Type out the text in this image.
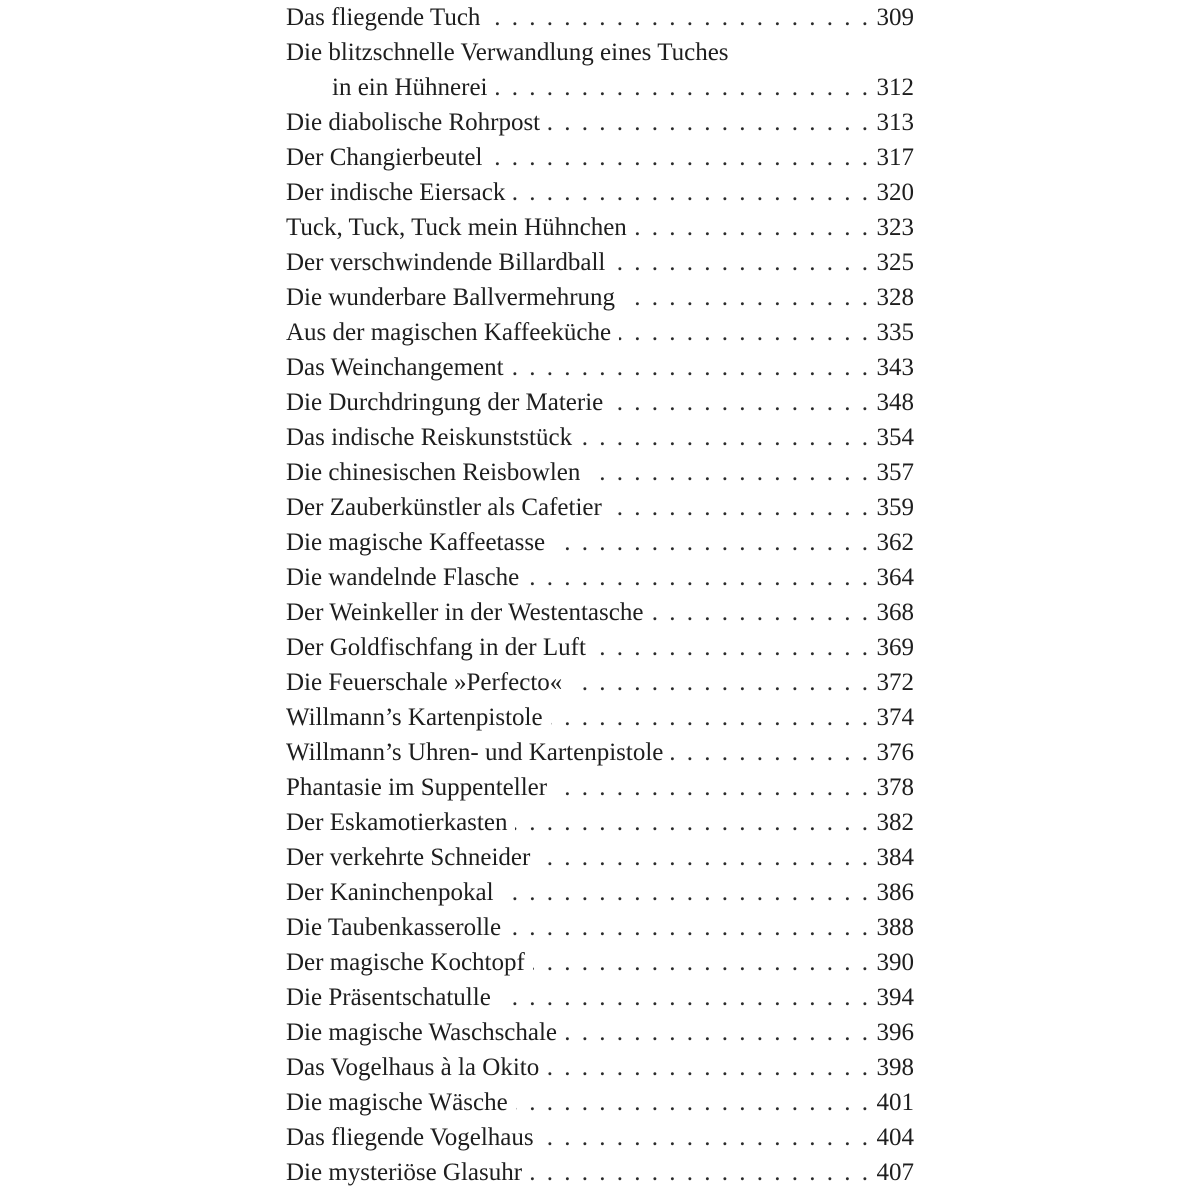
Das fliegende Tuch . . .	309
Die blitzschnelle Verwandlung eines Tuches
in ein Hühnerei . . .	312
Die diabolische Rohrpost . . .	313
Der Changierbeutel . . .	317
Der indische Eiersack . . .	320
Tuck, Tuck, Tuck mein Hühnchen . . .	323
Der verschwindende Billardball . . .	325
Die wunderbare Ballvermehrung . . .	328
Aus der magischen Kaffeeküche . . .	335
Das Weinchangement . . .	343
Die Durchdringung der Materie . . .	348
Das indische Reiskunststück . . .	354
Die chinesischen Reisbowlen . . .	357
Der Zauberkünstler als Cafetier . . .	359
Die magische Kaffeetasse . . .	362
Die wandelnde Flasche . . .	364
Der Weinkeller in der Westentasche . . .	368
Der Goldfischfang in der Luft . . .	369
Die Feuerschale »Perfecto« . . .	372
Willmann’s Kartenpistole . . .	374
Willmann’s Uhren- und Kartenpistole . . .	376
Phantasie im Suppenteller . . .	378
Der Eskamotierkasten . . .	382
Der verkehrte Schneider . . .	384
Der Kaninchenpokal . . .	386
Die Taubenkasserolle . . .	388
Der magische Kochtopf . . .	390
Die Präsentschatulle . . .	394
Die magische Waschschale . . .	396
Das Vogelhaus à la Okito . . .	398
Die magische Wäsche . . .	401
Das fliegende Vogelhaus . . .	404
Die mysteriöse Glasuhr . . .	407
